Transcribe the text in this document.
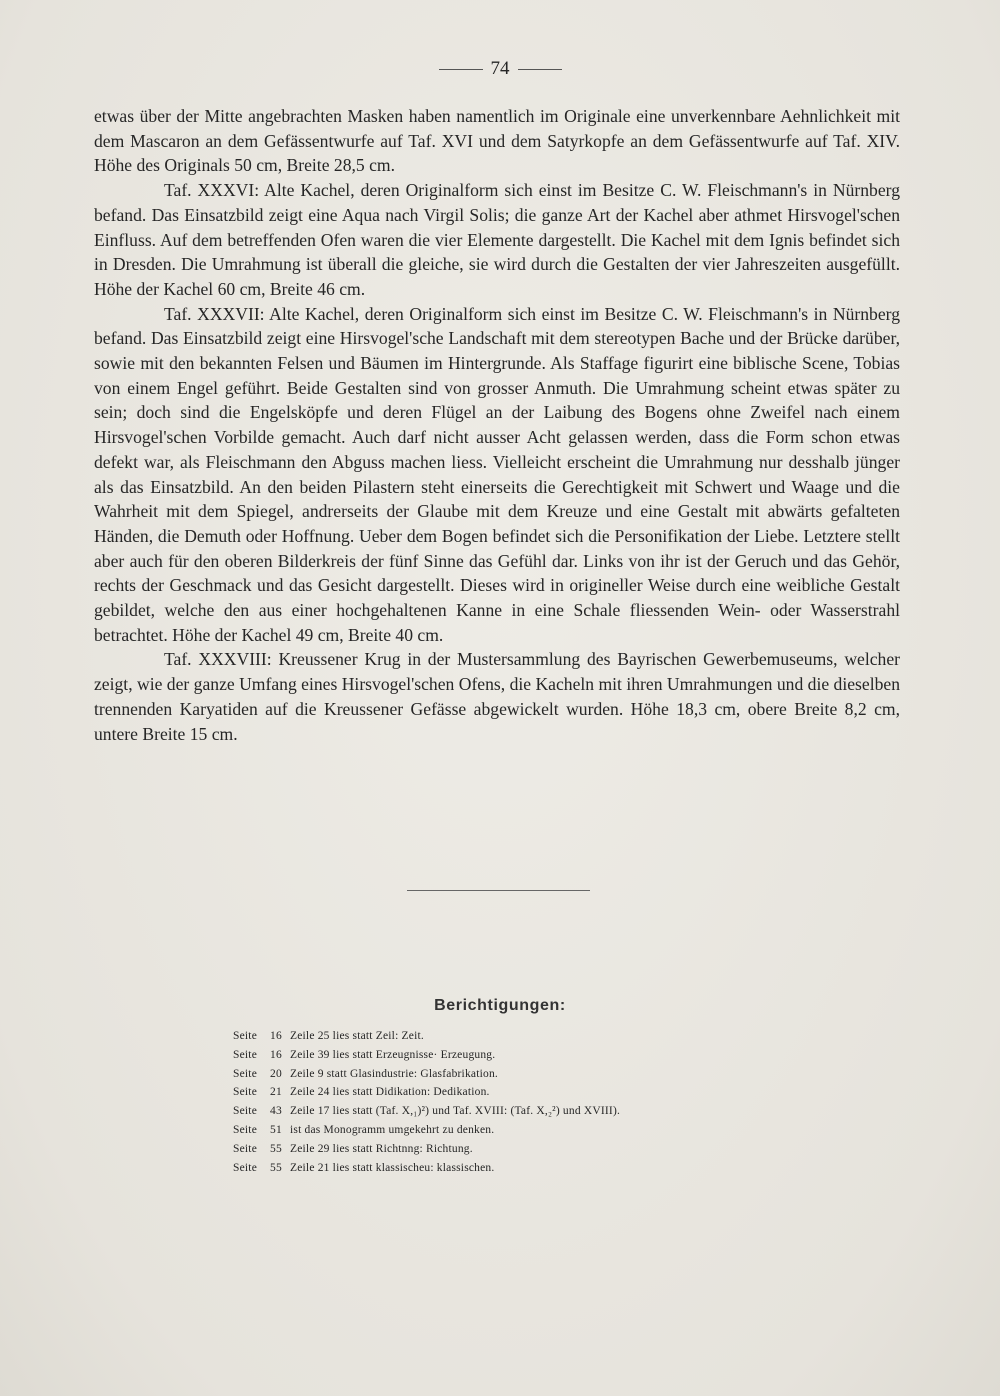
74

etwas über der Mitte angebrachten Masken haben namentlich im Originale eine unverkennbare Aehnlichkeit mit dem Mascaron an dem Gefässentwurfe auf Taf. XVI und dem Satyrkopfe an dem Gefässentwurfe auf Taf. XIV. Höhe des Originals 50 cm, Breite 28,5 cm.

Taf. XXXVI: Alte Kachel, deren Originalform sich einst im Besitze C. W. Fleischmann's in Nürnberg befand. Das Einsatzbild zeigt eine Aqua nach Virgil Solis; die ganze Art der Kachel aber athmet Hirsvogel'schen Einfluss. Auf dem betreffenden Ofen waren die vier Elemente dargestellt. Die Kachel mit dem Ignis befindet sich in Dresden. Die Umrahmung ist überall die gleiche, sie wird durch die Gestalten der vier Jahreszeiten ausgefüllt. Höhe der Kachel 60 cm, Breite 46 cm.

Taf. XXXVII: Alte Kachel, deren Originalform sich einst im Besitze C. W. Fleischmann's in Nürnberg befand. Das Einsatzbild zeigt eine Hirsvogel'sche Landschaft mit dem stereotypen Bache und der Brücke darüber, sowie mit den bekannten Felsen und Bäumen im Hintergrunde. Als Staffage figurirt eine biblische Scene, Tobias von einem Engel geführt. Beide Gestalten sind von grosser Anmuth. Die Umrahmung scheint etwas später zu sein; doch sind die Engelsköpfe und deren Flügel an der Laibung des Bogens ohne Zweifel nach einem Hirsvogel'schen Vorbilde gemacht. Auch darf nicht ausser Acht gelassen werden, dass die Form schon etwas defekt war, als Fleischmann den Abguss machen liess. Vielleicht erscheint die Umrahmung nur desshalb jünger als das Einsatzbild. An den beiden Pilastern steht einerseits die Gerechtigkeit mit Schwert und Waage und die Wahrheit mit dem Spiegel, andrerseits der Glaube mit dem Kreuze und eine Gestalt mit abwärts gefalteten Händen, die Demuth oder Hoffnung. Ueber dem Bogen befindet sich die Personifikation der Liebe. Letztere stellt aber auch für den oberen Bilderkreis der fünf Sinne das Gefühl dar. Links von ihr ist der Geruch und das Gehör, rechts der Geschmack und das Gesicht dargestellt. Dieses wird in origineller Weise durch eine weibliche Gestalt gebildet, welche den aus einer hochgehaltenen Kanne in eine Schale fliessenden Wein- oder Wasserstrahl betrachtet. Höhe der Kachel 49 cm, Breite 40 cm.

Taf. XXXVIII: Kreussener Krug in der Mustersammlung des Bayrischen Gewerbemuseums, welcher zeigt, wie der ganze Umfang eines Hirsvogel'schen Ofens, die Kacheln mit ihren Umrahmungen und die dieselben trennenden Karyatiden auf die Kreussener Gefässe abgewickelt wurden. Höhe 18,3 cm, obere Breite 8,2 cm, untere Breite 15 cm.

Berichtigungen:
Seite	16 Zeile 25 lies statt Zeil: Zeit.
Seite	16 Zeile 39 lies statt Erzeugnisse· Erzeugung.
Seite	20 Zeile 9 statt Glasindustrie: Glasfabrikation.
Seite	21 Zeile 24 lies statt Didikation: Dedikation.
Seite	43 Zeile 17 lies statt (Taf. X,₁)²) und Taf. XVIII: (Taf. X,₂²) und XVIII).
Seite	51 ist das Monogramm umgekehrt zu denken.
Seite	55 Zeile 29 lies statt Richtnng: Richtung.
Seite	55 Zeile 21 lies statt klassischeu: klassischen.
